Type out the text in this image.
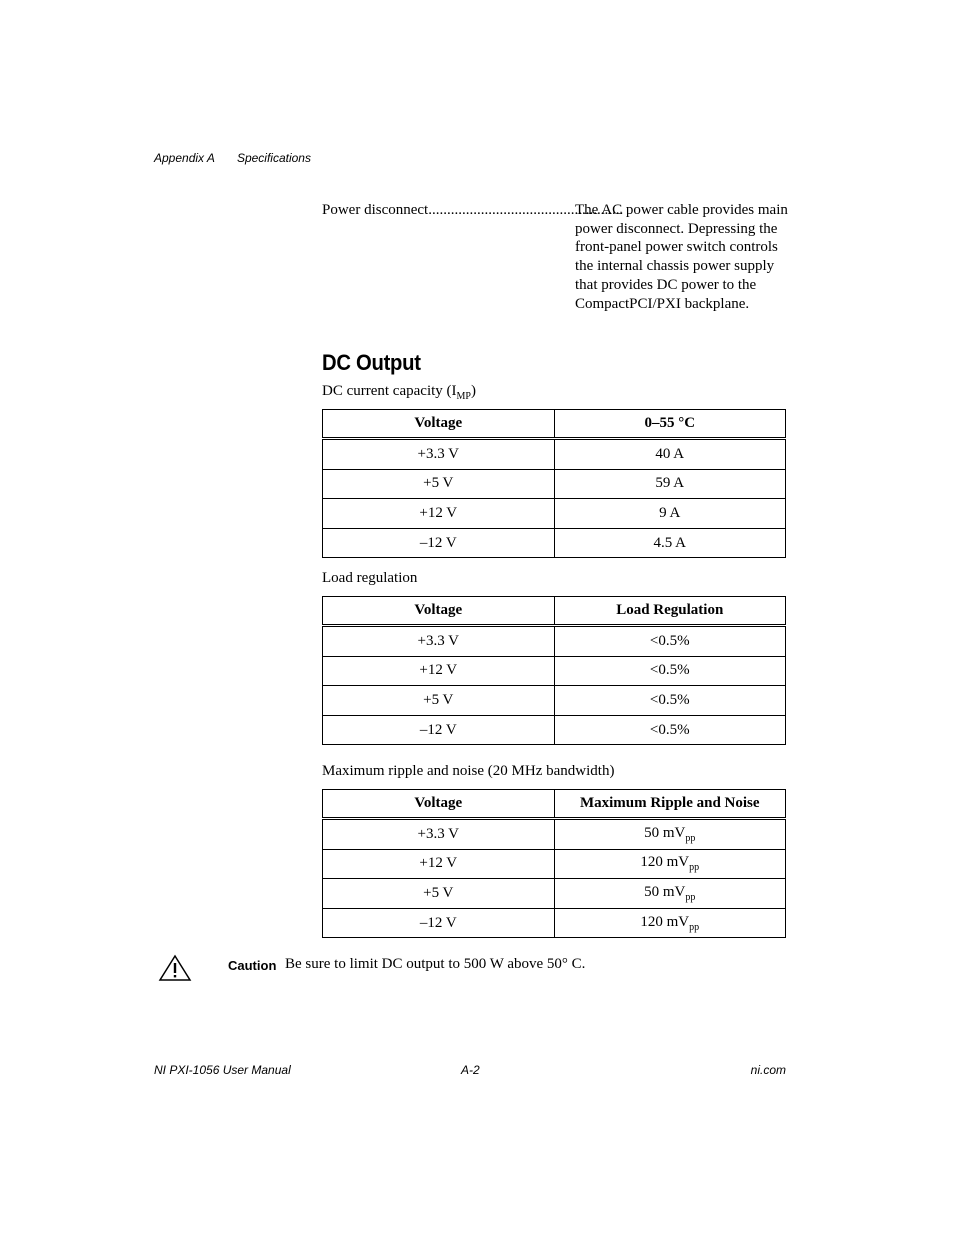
Appendix A Specifications
Power disconnect....................................................
The AC power cable provides main power disconnect. Depressing the front-panel power switch controls the internal chassis power supply that provides DC power to the CompactPCI/PXI backplane.
DC Output
DC current capacity $(I_{MP})$
Voltage	0–55 °C
+3.3 V	40 A
+5 V	59 A
+12 V	9 A
–12 V	4.5 A
Load regulation
Voltage	Load Regulation
+3.3 V	<0.5%
+12 V	<0.5%
+5 V	<0.5%
–12 V	<0.5%
Maximum ripple and noise (20 MHz bandwidth)
Voltage	Maximum Ripple and Noise
+3.3 V	50 $mV_{pp}$
+12 V	120 $mV_{pp}$
+5 V	50 $mV_{pp}$
–12 V	120 $mV_{pp}$
Caution Be sure to limit DC output to 500 W above 50° C.
NI PXI-1056 User Manual	A-2	ni.com
